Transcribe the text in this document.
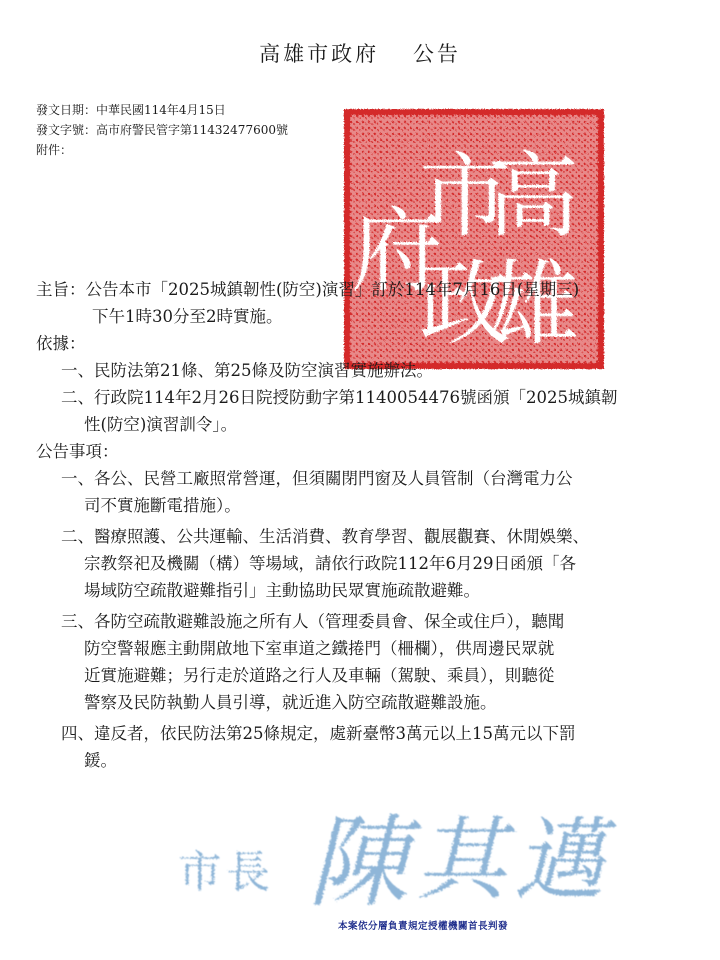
高雄市政府　 公告
發文日期：中華民國114年4月15日
發文字號：高市府警民管字第11432477600號
附件：	高
雄
市
政
府
主旨：公告本市「2025城鎮韌性(防空)演習」訂於114年7月16日(星期三)
下午1時30分至2時實施。
依據：
一、民防法第21條、第25條及防空演習實施辦法。
二、行政院114年2月26日院授防動字第1140054476號函頒「2025城鎮韌
性(防空)演習訓令」。
公告事項：
一、各公、民營工廠照常營運，但須關閉門窗及人員管制（台灣電力公
司不實施斷電措施）。
二、醫療照護、公共運輸、生活消費、教育學習、觀展觀賽、休閒娛樂、
宗教祭祀及機關（構）等場域，請依行政院112年6月29日函頒「各
場域防空疏散避難指引」主動協助民眾實施疏散避難。
三、各防空疏散避難設施之所有人（管理委員會、保全或住戶），聽聞
防空警報應主動開啟地下室車道之鐵捲門（柵欄），供周邊民眾就
近實施避難；另行走於道路之行人及車輛（駕駛、乘員），則聽從
警察及民防執勤人員引導，就近進入防空疏散避難設施。
四、違反者，依民防法第25條規定，處新臺幣3萬元以上15萬元以下罰
鍰。
市 長 陳 其 邁
本案依分層負責規定授權機關首長判發
